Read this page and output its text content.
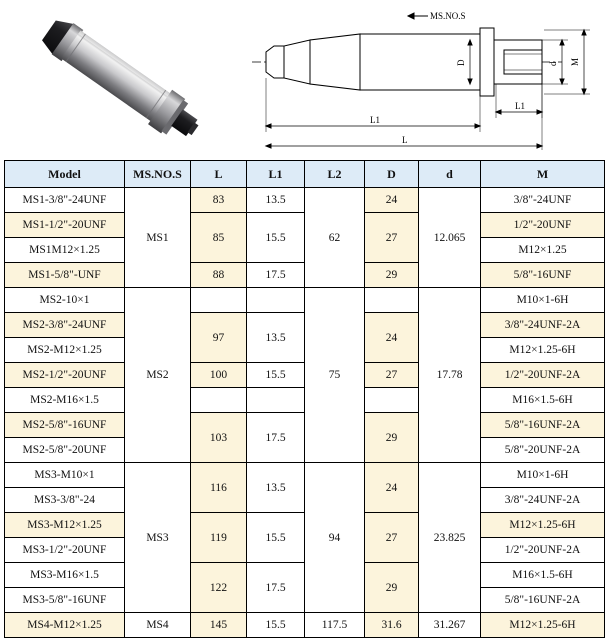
MS.NO.S
D	d M
L1
L1
L
Model	MS.NO.S	L	L1	L2	D	d	M
MS1-3/8"-24UNF	MS1	83	13.5	62	24	12.065	3/8"-24UNF
MS1-1/2"-20UNF		85	15.5		27		1/2"-20UNF
MS1M12×1.25							M12×1.25
MS1-5/8"-UNF		88	17.5		29		5/8"-16UNF
MS2-10×1	MS2			75		17.78	M10×1-6H
MS2-3/8"-24UNF		97	13.5		24		3/8"-24UNF-2A
MS2-M12×1.25							M12×1.25-6H
MS2-1/2"-20UNF		100	15.5		27		1/2"-20UNF-2A
MS2-M16×1.5							M16×1.5-6H
MS2-5/8"-16UNF		103	17.5		29		5/8"-16UNF-2A
MS2-5/8"-20UNF							5/8"-20UNF-2A
MS3-M10×1	MS3	116	13.5	94	24	23.825	M10×1-6H
MS3-3/8"-24							3/8"-24UNF-2A
MS3-M12×1.25		119	15.5		27		M12×1.25-6H
MS3-1/2"-20UNF							1/2"-20UNF-2A
MS3-M16×1.5		122	17.5		29		M16×1.5-6H
MS3-5/8"-16UNF							5/8"-16UNF-2A
MS4-M12×1.25	MS4	145	15.5	117.5	31.6	31.267	M12×1.25-6H
